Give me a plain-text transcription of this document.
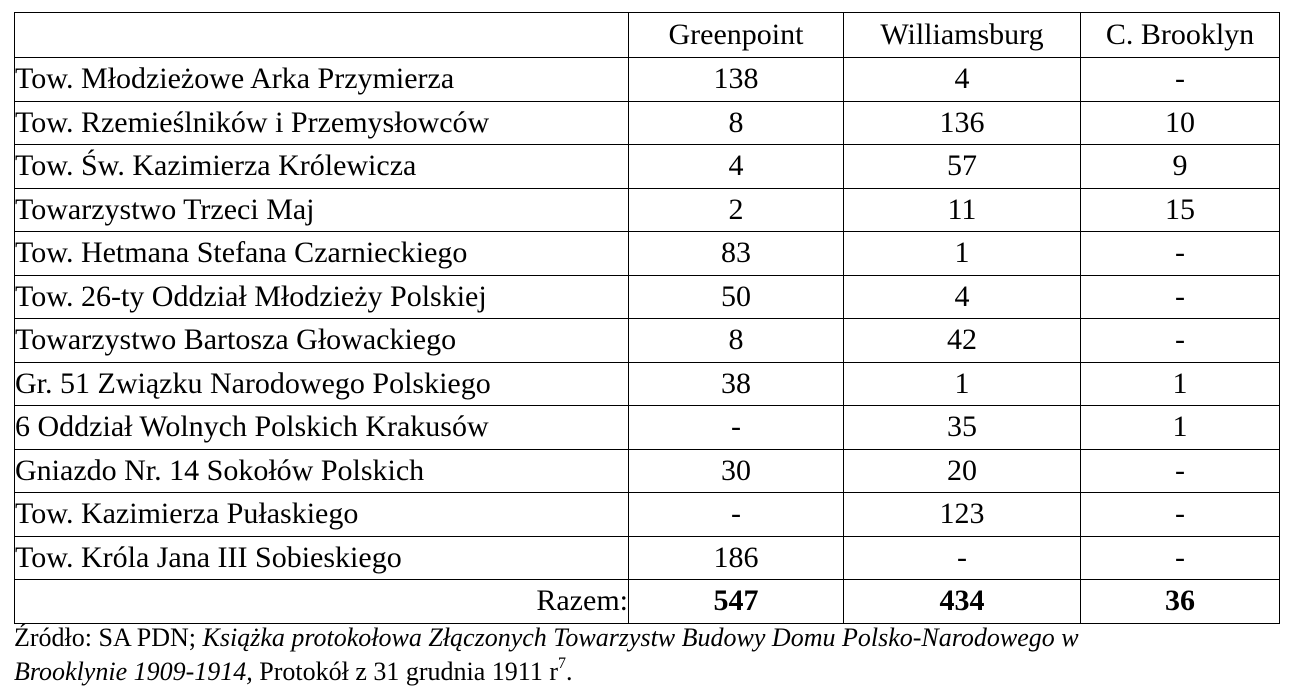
	Greenpoint	Williamsburg	C. Brooklyn
Tow. Młodzieżowe Arka Przymierza	138	4	-
Tow. Rzemieślników i Przemysłowców	8	136	10
Tow. Św. Kazimierza Królewicza	4	57	9
Towarzystwo Trzeci Maj	2	11	15
Tow. Hetmana Stefana Czarnieckiego	83	1	-
Tow. 26-ty Oddział Młodzieży Polskiej	50	4	-
Towarzystwo Bartosza Głowackiego	8	42	-
Gr. 51 Związku Narodowego Polskiego	38	1	1
6 Oddział Wolnych Polskich Krakusów	-	35	1
Gniazdo Nr. 14 Sokołów Polskich	30	20	-
Tow. Kazimierza Pułaskiego	-	123	-
Tow. Króla Jana III Sobieskiego	186	-	-
Razem:	547	434	36
Źródło: SA PDN; Książka protokołowa Złączonych Towarzystw Budowy Domu Polsko-Narodowego w
Brooklynie 1909-1914, Protokół z 31 grudnia 1911 $r^7$.
